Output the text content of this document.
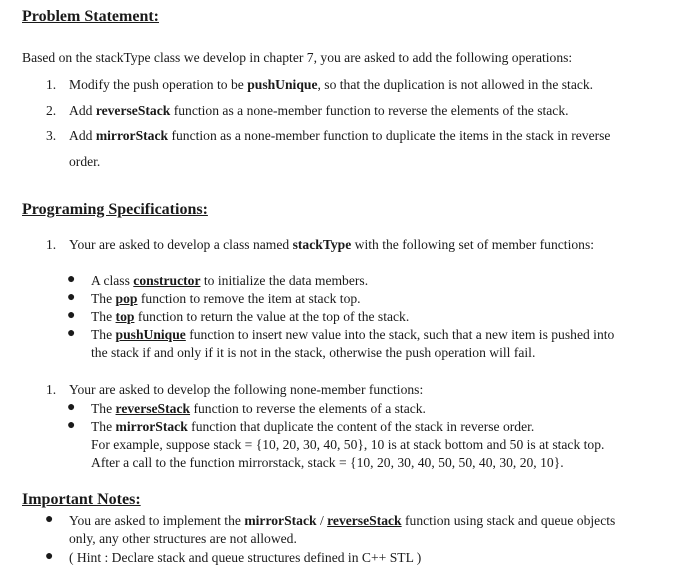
Problem Statement:
Based on the stackType class we develop in chapter 7, you are asked to add the following operations:
1. Modify the push operation to be pushUnique, so that the duplication is not allowed in the stack.
2. Add reverseStack function as a none-member function to reverse the elements of the stack.
3. Add mirrorStack function as a none-member function to duplicate the items in the stack in reverse
order.
Programing Specifications:
1. Your are asked to develop a class named stackType with the following set of member functions:
● A class constructor to initialize the data members.
● The pop function to remove the item at stack top.
● The top function to return the value at the top of the stack.
● The pushUnique function to insert new value into the stack, such that a new item is pushed into
the stack if and only if it is not in the stack, otherwise the push operation will fail.
1. Your are asked to develop the following none-member functions:
● The reverseStack function to reverse the elements of a stack.
● The mirrorStack function that duplicate the content of the stack in reverse order.
For example, suppose stack = {10, 20, 30, 40, 50}, 10 is at stack bottom and 50 is at stack top.
After a call to the function mirrorstack, stack = {10, 20, 30, 40, 50, 50, 40, 30, 20, 10}.
Important Notes:
● You are asked to implement the mirrorStack / reverseStack function using stack and queue objects
only, any other structures are not allowed.
● ( Hint : Declare stack and queue structures defined in C++ STL )
